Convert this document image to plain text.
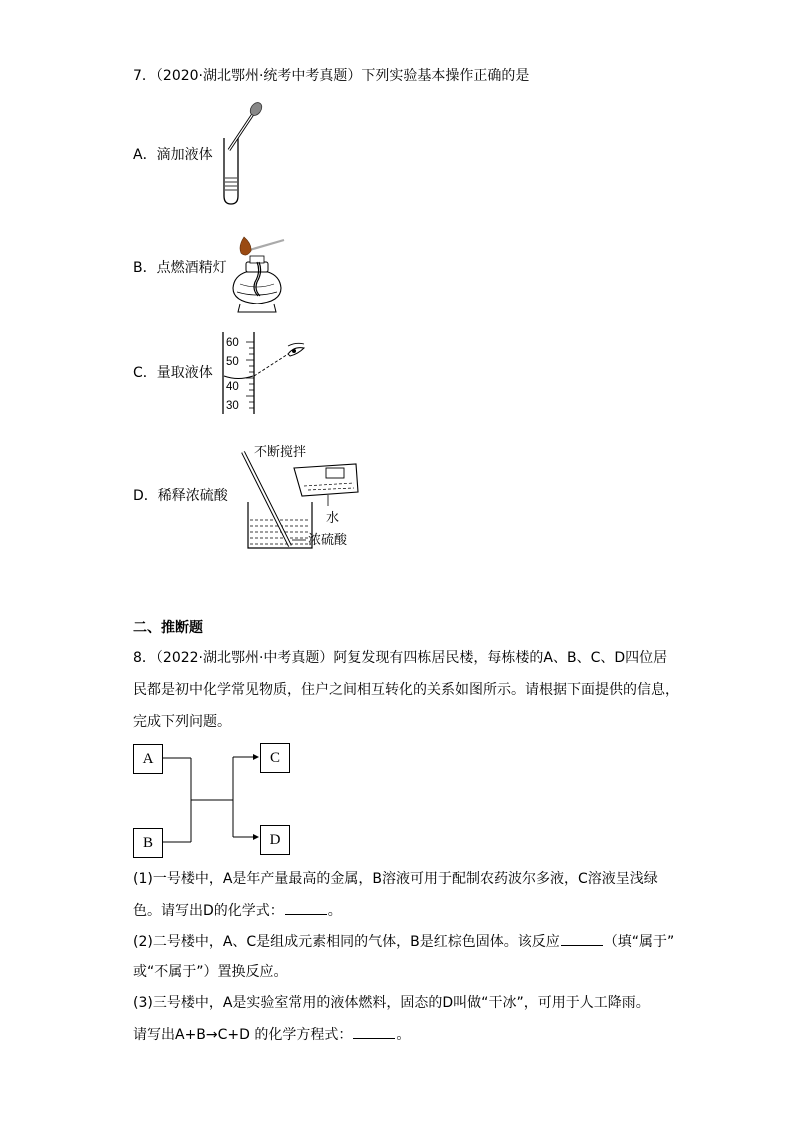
7．（2020·湖北鄂州·统考中考真题）下列实验基本操作正确的是
A．滴加液体
B．点燃酒精灯
C．量取液体
60
50
40
30
D．稀释浓硫酸
不断搅拌
水
浓硫酸
二、推断题
8．（2022·湖北鄂州·中考真题）阿复发现有四栋居民楼，每栋楼的A、B、C、D四位居
民都是初中化学常见物质，住户之间相互转化的关系如图所示。请根据下面提供的信息，
完成下列问题。
A
B
C
D
(1)一号楼中，A是年产量最高的金属，B溶液可用于配制农药波尔多液，C溶液呈浅绿
色。请写出D的化学式：	。
(2)二号楼中，A、C是组成元素相同的气体，B是红棕色固体。该反应	（填“属于”
或“不属于”）置换反应。
(3)三号楼中，A是实验室常用的液体燃料，固态的D叫做“干冰”，可用于人工降雨。
请写出A+B→C+D 的化学方程式：	。
